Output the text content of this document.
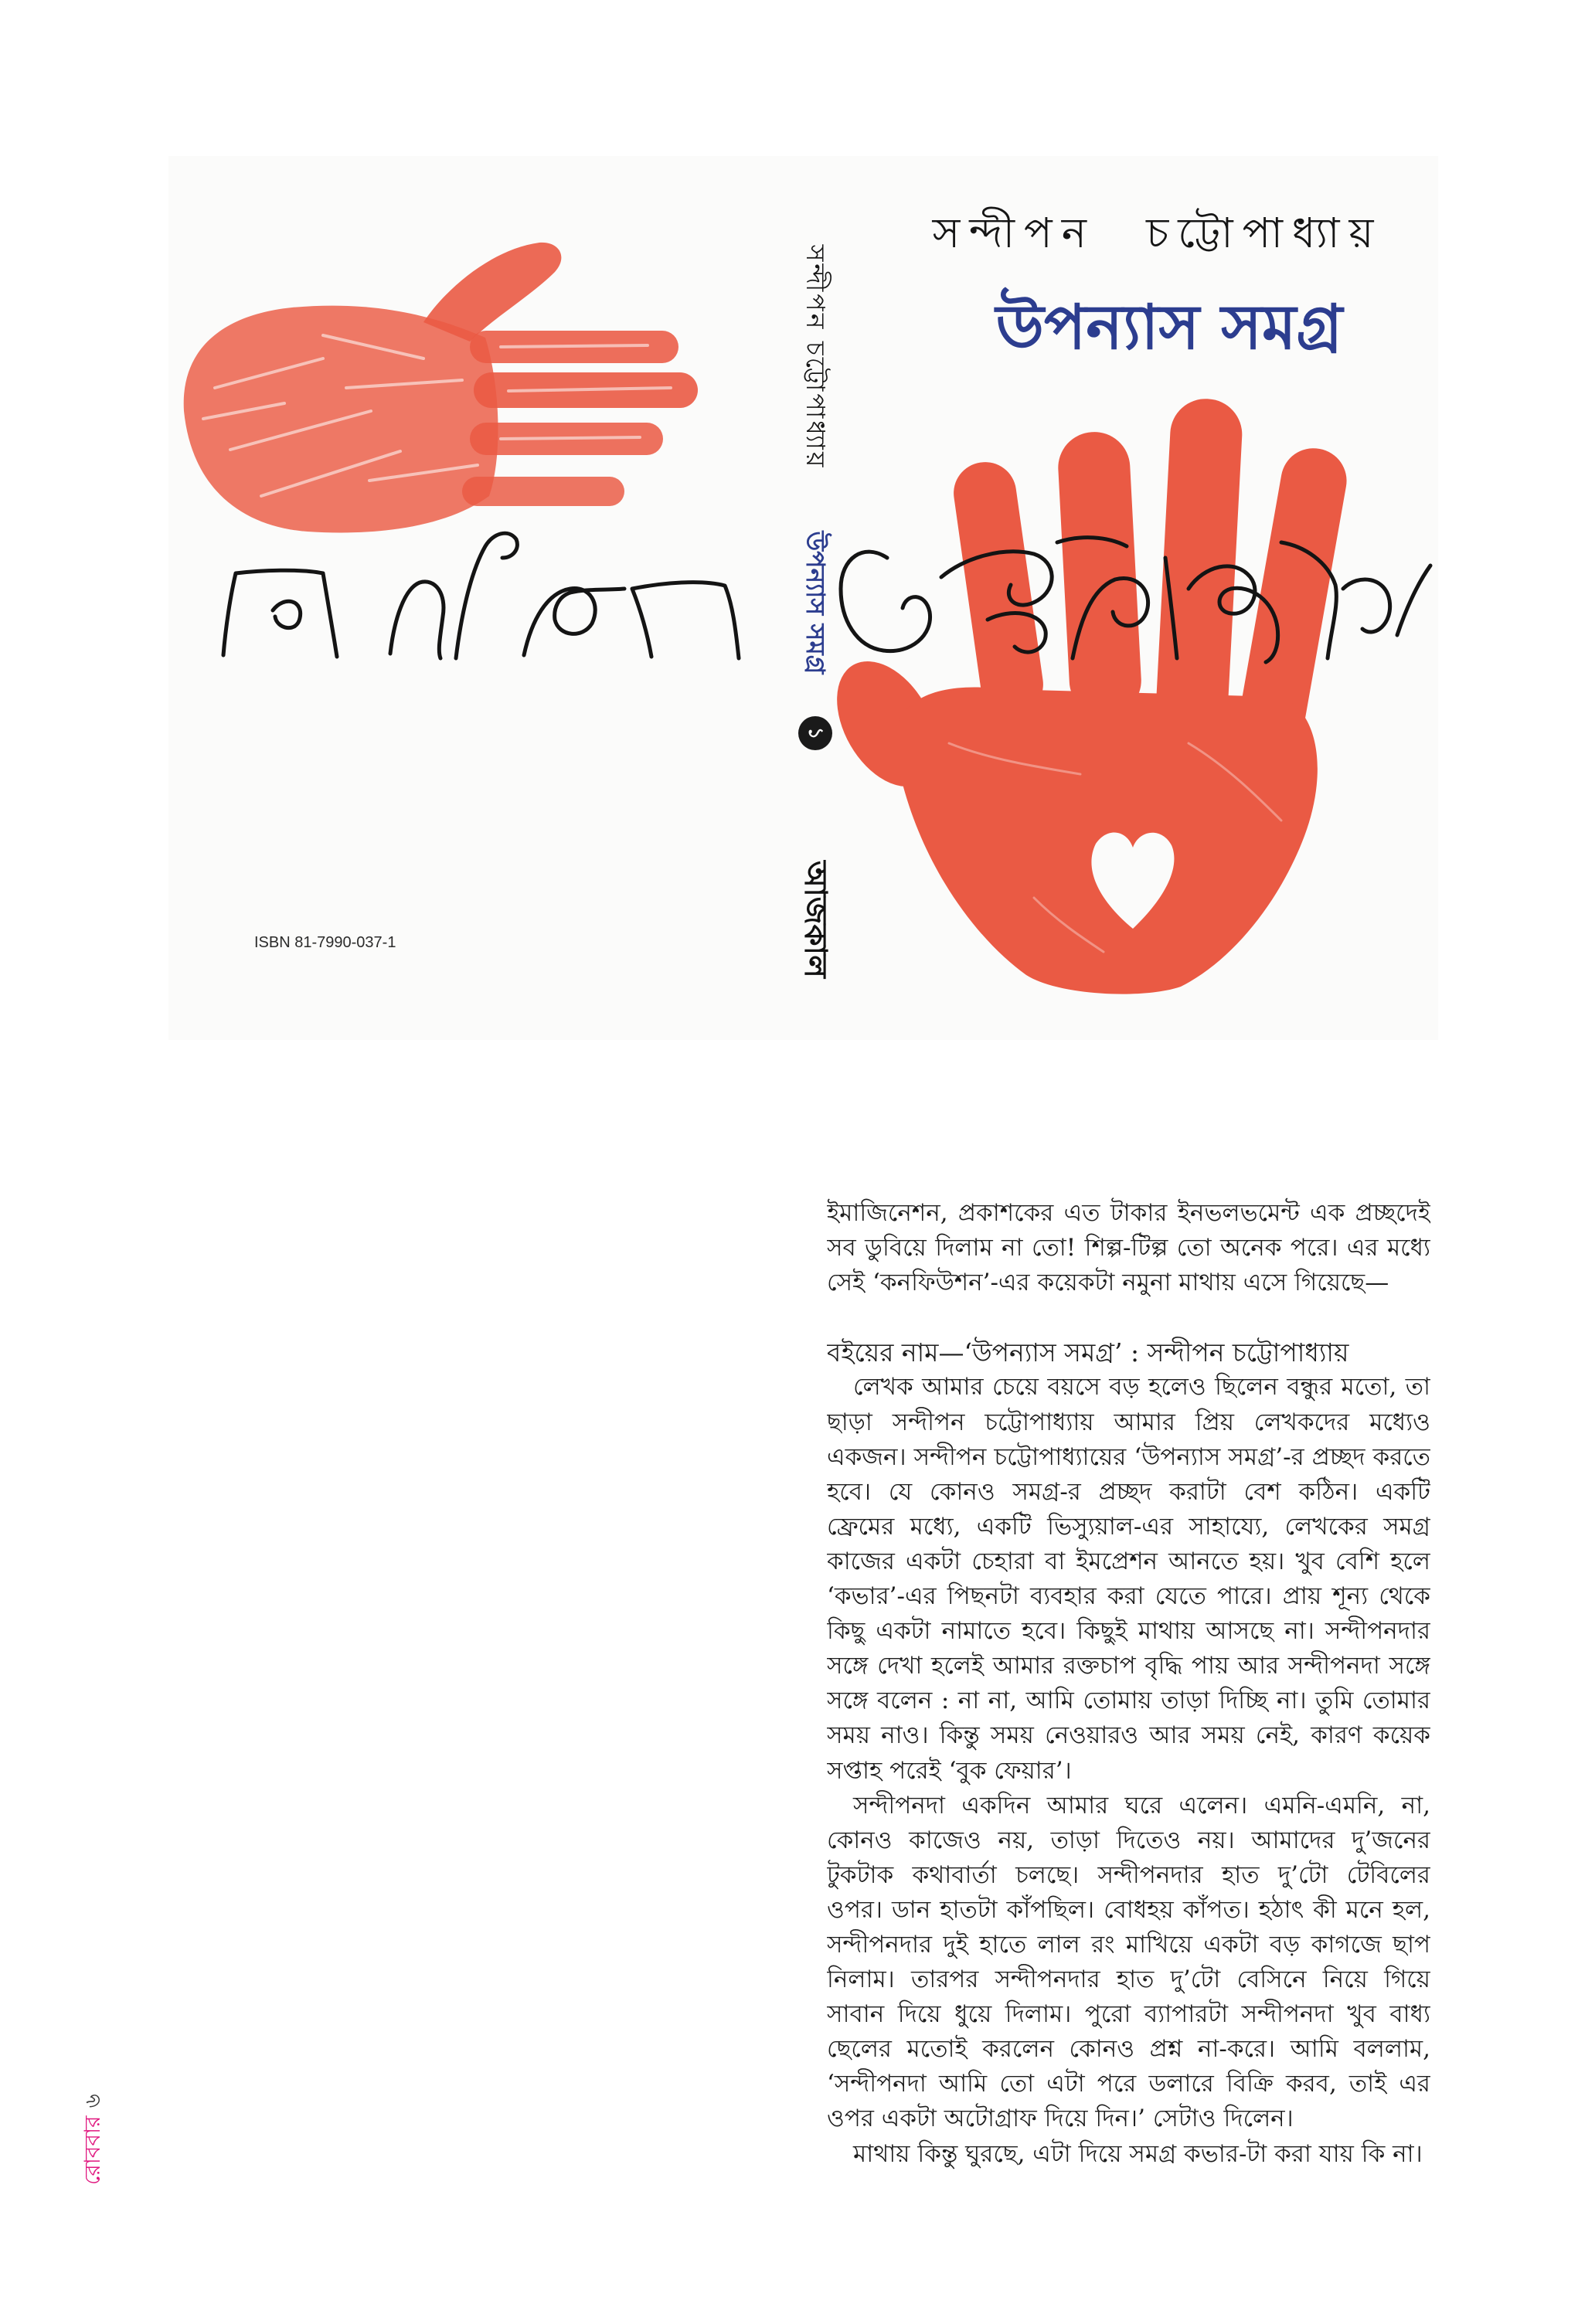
সন্দীপন চট্টোপাধ্যায়
উপন্যাস সমগ্র
সন্দীপন চট্টোপাধ্যায়
উপন্যাস সমগ্র
১
আজকাল
ISBN 81-7990-037-1
ইমাজিনেশন, প্রকাশকের এত টাকার ইনভলভমেন্ট এক প্রচ্ছদেই
সব ডুবিয়ে দিলাম না তো! শিল্প-টিল্প তো অনেক পরে। এর মধ্যে
সেই ‘কনফিউশন’-এর কয়েকটা নমুনা মাথায় এসে গিয়েছে—
বইয়ের নাম—‘উপন্যাস সমগ্র’ : সন্দীপন চট্টোপাধ্যায়
লেখক আমার চেয়ে বয়সে বড় হলেও ছিলেন বন্ধুর মতো, তা
ছাড়া সন্দীপন চট্টোপাধ্যায় আমার প্রিয় লেখকদের মধ্যেও
একজন। সন্দীপন চট্টোপাধ্যায়ের ‘উপন্যাস সমগ্র’-র প্রচ্ছদ করতে
হবে। যে কোনও সমগ্র-র প্রচ্ছদ করাটা বেশ কঠিন। একটি
ফ্রেমের মধ্যে, একটি ভিস্যুয়াল-এর সাহায্যে, লেখকের সমগ্র
কাজের একটা চেহারা বা ইমপ্রেশন আনতে হয়। খুব বেশি হলে
‘কভার’-এর পিছনটা ব্যবহার করা যেতে পারে। প্রায় শূন্য থেকে
কিছু একটা নামাতে হবে। কিছুই মাথায় আসছে না। সন্দীপনদার
সঙ্গে দেখা হলেই আমার রক্তচাপ বৃদ্ধি পায় আর সন্দীপনদা সঙ্গে
সঙ্গে বলেন : না না, আমি তোমায় তাড়া দিচ্ছি না। তুমি তোমার
সময় নাও। কিন্তু সময় নেওয়ারও আর সময় নেই, কারণ কয়েক
সপ্তাহ পরেই ‘বুক ফেয়ার’।
সন্দীপনদা একদিন আমার ঘরে এলেন। এমনি-এমনি, না,
কোনও কাজেও নয়, তাড়া দিতেও নয়। আমাদের দু’জনের
টুকটাক কথাবার্তা চলছে। সন্দীপনদার হাত দু’টো টেবিলের
ওপর। ডান হাতটা কাঁপছিল। বোধহয় কাঁপত। হঠাৎ কী মনে হল,
সন্দীপনদার দুই হাতে লাল রং মাখিয়ে একটা বড় কাগজে ছাপ
নিলাম। তারপর সন্দীপনদার হাত দু’টো বেসিনে নিয়ে গিয়ে
সাবান দিয়ে ধুয়ে দিলাম। পুরো ব্যাপারটা সন্দীপনদা খুব বাধ্য
ছেলের মতোই করলেন কোনও প্রশ্ন না-করে। আমি বললাম,
‘সন্দীপনদা আমি তো এটা পরে ডলারে বিক্রি করব, তাই এর
ওপর একটা অটোগ্রাফ দিয়ে দিন।’ সেটাও দিলেন।
মাথায় কিন্তু ঘুরছে, এটা দিয়ে সমগ্র কভার-টা করা যায় কি না।
রোববার৬
